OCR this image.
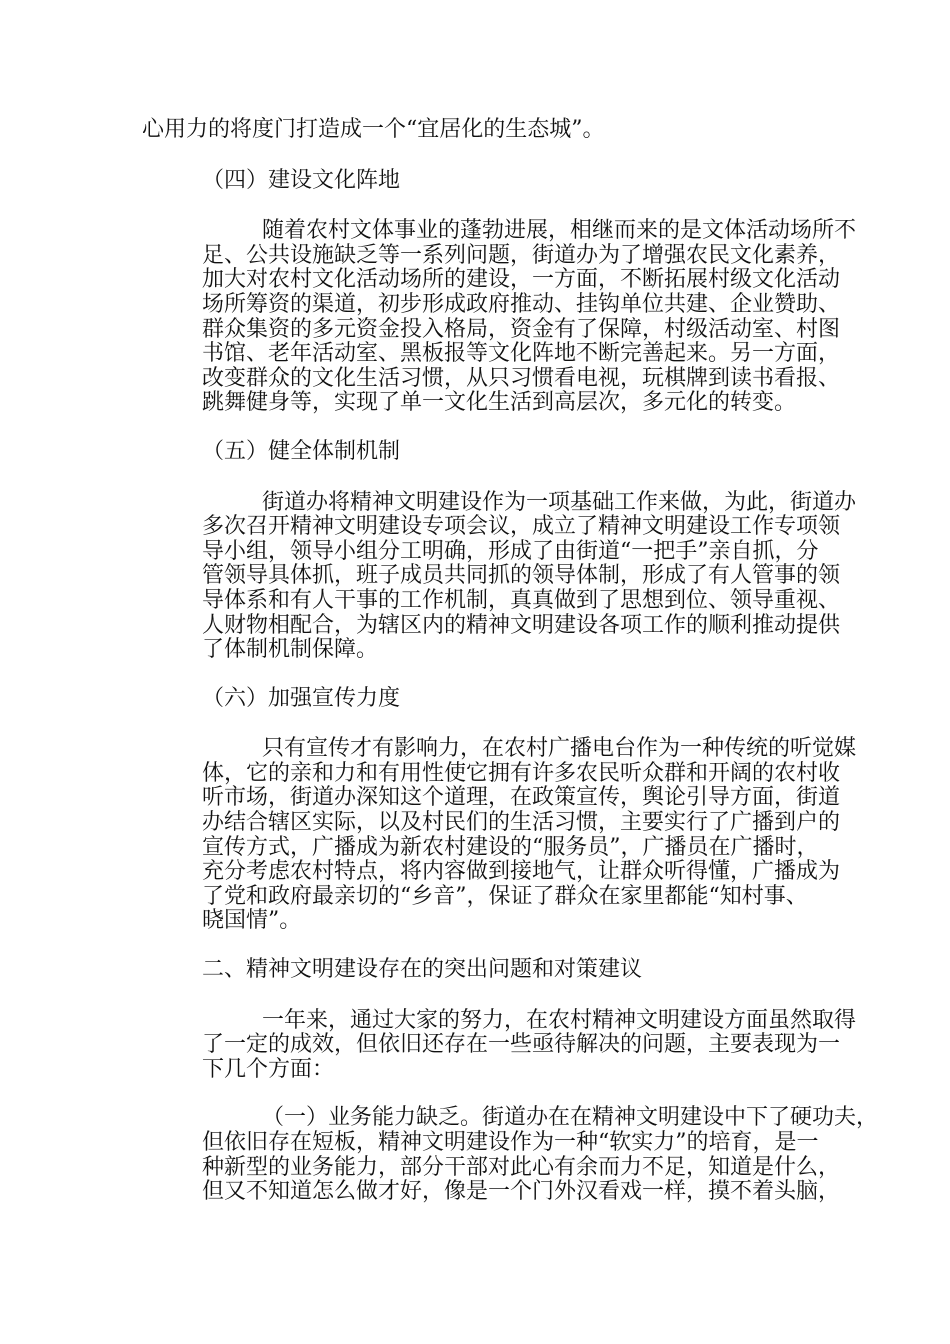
心用力的将度门打造成一个“宜居化的生态城”。
（四）建设文化阵地
随着农村文体事业的蓬勃进展，相继而来的是文体活动场所不
足、公共设施缺乏等一系列问题，街道办为了增强农民文化素养，
加大对农村文化活动场所的建设，一方面，不断拓展村级文化活动
场所筹资的渠道，初步形成政府推动、挂钩单位共建、企业赞助、
群众集资的多元资金投入格局，资金有了保障，村级活动室、村图
书馆、老年活动室、黑板报等文化阵地不断完善起来。另一方面，
改变群众的文化生活习惯，从只习惯看电视，玩棋牌到读书看报、
跳舞健身等，实现了单一文化生活到高层次，多元化的转变。
（五）健全体制机制
街道办将精神文明建设作为一项基础工作来做，为此，街道办
多次召开精神文明建设专项会议，成立了精神文明建设工作专项领
导小组，领导小组分工明确，形成了由街道“一把手”亲自抓，分
管领导具体抓，班子成员共同抓的领导体制，形成了有人管事的领
导体系和有人干事的工作机制，真真做到了思想到位、领导重视、
人财物相配合，为辖区内的精神文明建设各项工作的顺利推动提供
了体制机制保障。
（六）加强宣传力度
只有宣传才有影响力，在农村广播电台作为一种传统的听觉媒
体，它的亲和力和有用性使它拥有许多农民听众群和开阔的农村收
听市场，街道办深知这个道理，在政策宣传，舆论引导方面，街道
办结合辖区实际，以及村民们的生活习惯，主要实行了广播到户的
宣传方式，广播成为新农村建设的“服务员”，广播员在广播时，
充分考虑农村特点，将内容做到接地气，让群众听得懂，广播成为
了党和政府最亲切的“乡音”，保证了群众在家里都能“知村事、
晓国情”。
二、精神文明建设存在的突出问题和对策建议
一年来，通过大家的努力，在农村精神文明建设方面虽然取得
了一定的成效，但依旧还存在一些亟待解决的问题，主要表现为一
下几个方面：
（一）业务能力缺乏。街道办在在精神文明建设中下了硬功夫，
但依旧存在短板，精神文明建设作为一种“软实力”的培育，是一
种新型的业务能力，部分干部对此心有余而力不足，知道是什么，
但又不知道怎么做才好，像是一个门外汉看戏一样，摸不着头脑，
